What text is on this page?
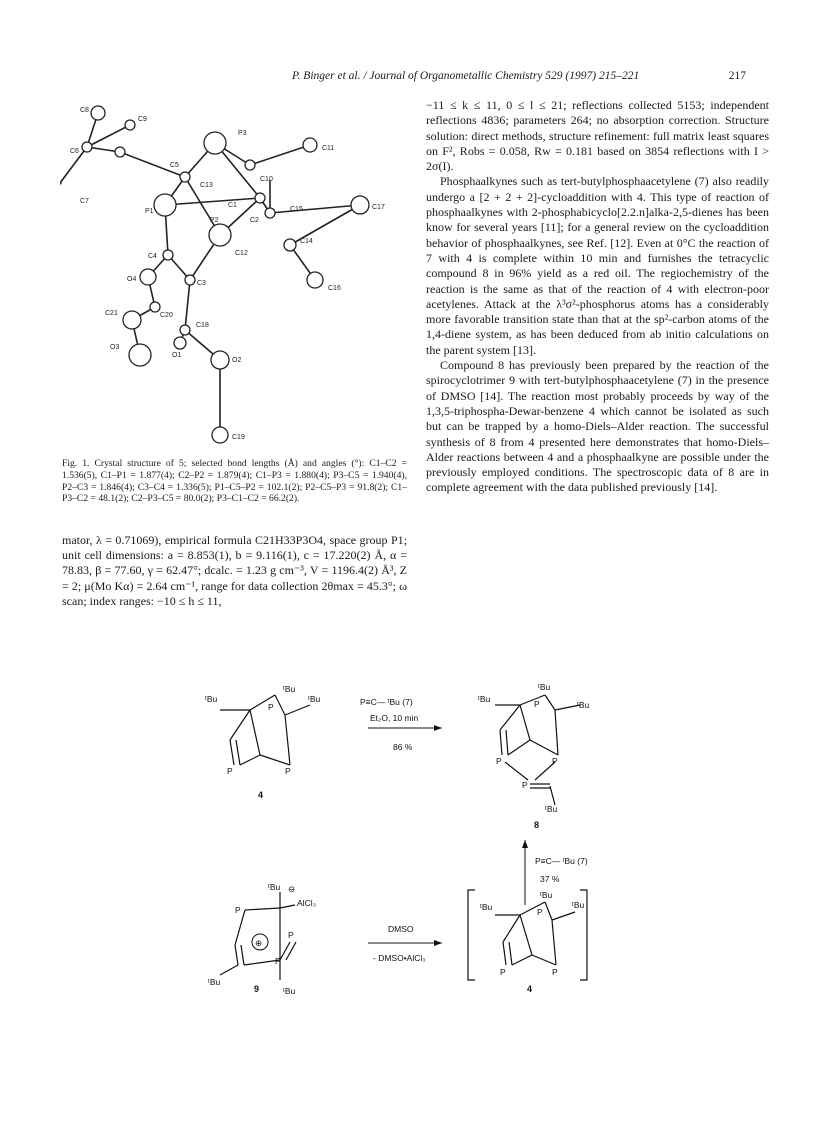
P. Binger et al. / Journal of Organometallic Chemistry 529 (1997) 215–221	217
C8
C9
P3
C6	C11
C5
C10
C13
C7
C1	C17
P1	C15
C2
P2
C14
C12
C4
O4
C3
C16
C21	C20
C18
O3
O1
O2
C19
Fig. 1. Crystal structure of 5; selected bond lengths (Å) and angles (°): C1–C2 = 1.536(5), C1–P1 = 1.877(4); C2–P2 = 1.879(4); C1–P3 = 1.880(4); P3–C5 = 1.940(4), P2–C3 = 1.846(4); C3–C4 = 1.336(5); P1–C5–P2 = 102.1(2); P2–C5–P3 = 91.8(2); C1–P3–C2 = 48.1(2); C2–P3–C5 = 80.0(2); P3–C1–C2 = 66.2(2).
mator, λ = 0.71069), empirical formula C21H33P3O4, space group P1; unit cell dimensions: a = 8.853(1), b = 9.116(1), c = 17.220(2) Å, α = 78.83, β = 77.60, γ = 62.47°; dcalc. = 1.23 g cm⁻³, V = 1196.4(2) Å³, Z = 2; μ(Mo Kα) = 2.64 cm⁻¹, range for data collection 2θmax = 45.3°; ω scan; index ranges: −10 ≤ h ≤ 11,

−11 ≤ k ≤ 11, 0 ≤ l ≤ 21; reflections collected 5153; independent reflections 4836; parameters 264; no absorption correction. Structure solution: direct methods, structure refinement: full matrix least squares on F², Robs = 0.058, Rw = 0.181 based on 3854 reflections with I > 2σ(I).

Phosphaalkynes such as tert-butylphosphaacetylene (7) also readily undergo a [2 + 2 + 2]-cycloaddition with 4. This type of reaction of phosphaalkynes with 2-phosphabicyclo[2.2.n]alka-2,5-dienes has been know for several years [11]; for a general review on the cycloaddition behavior of phosphaalkynes, see Ref. [12]. Even at 0°C the reaction of 7 with 4 is complete within 10 min and furnishes the tetracyclic compound 8 in 96% yield as a red oil. The regiochemistry of the reaction is the same as that of the reaction of 4 with electron-poor acetylenes. Attack at the λ³σ²-phosphorus atoms has a considerably more favorable transition state than that at the sp²-carbon atoms of the 1,4-diene system, as has been deduced from ab initio calculations on the parent system [13].

Compound 8 has previously been prepared by the reaction of the spirocyclotrimer 9 with tert-butylphosphaacetylene (7) in the presence of DMSO [14]. The reaction most probably proceeds by way of the 1,3,5-triphospha-Dewar-benzene 4 which cannot be isolated as such but can be trapped by a homo-Diels–Alder reaction. The successful synthesis of 8 from 4 presented here demonstrates that homo-Diels–Alder reactions between 4 and a phosphaalkyne are possible under the previously employed conditions. The spectroscopic data of 8 are in complete agreement with the data published previously [14].

ᵗBu
ᵗBu
ᵗBu
P
P	P
4
P≡C— ᵗBu (7)
Et₂O, 10 min
86 %
ᵗBu
ᵗBu
ᵗBu
ᵗBu
P
P	P
P
8
P≡C— ᵗBu (7)
37 %
⊕
ᵗBu ⊖
AlCl₃
P
P
P
ᵗBu
ᵗBu
9
DMSO
- DMSO•AlCl₃
ᵗBu
ᵗBu
ᵗBu
P
P	P
4
